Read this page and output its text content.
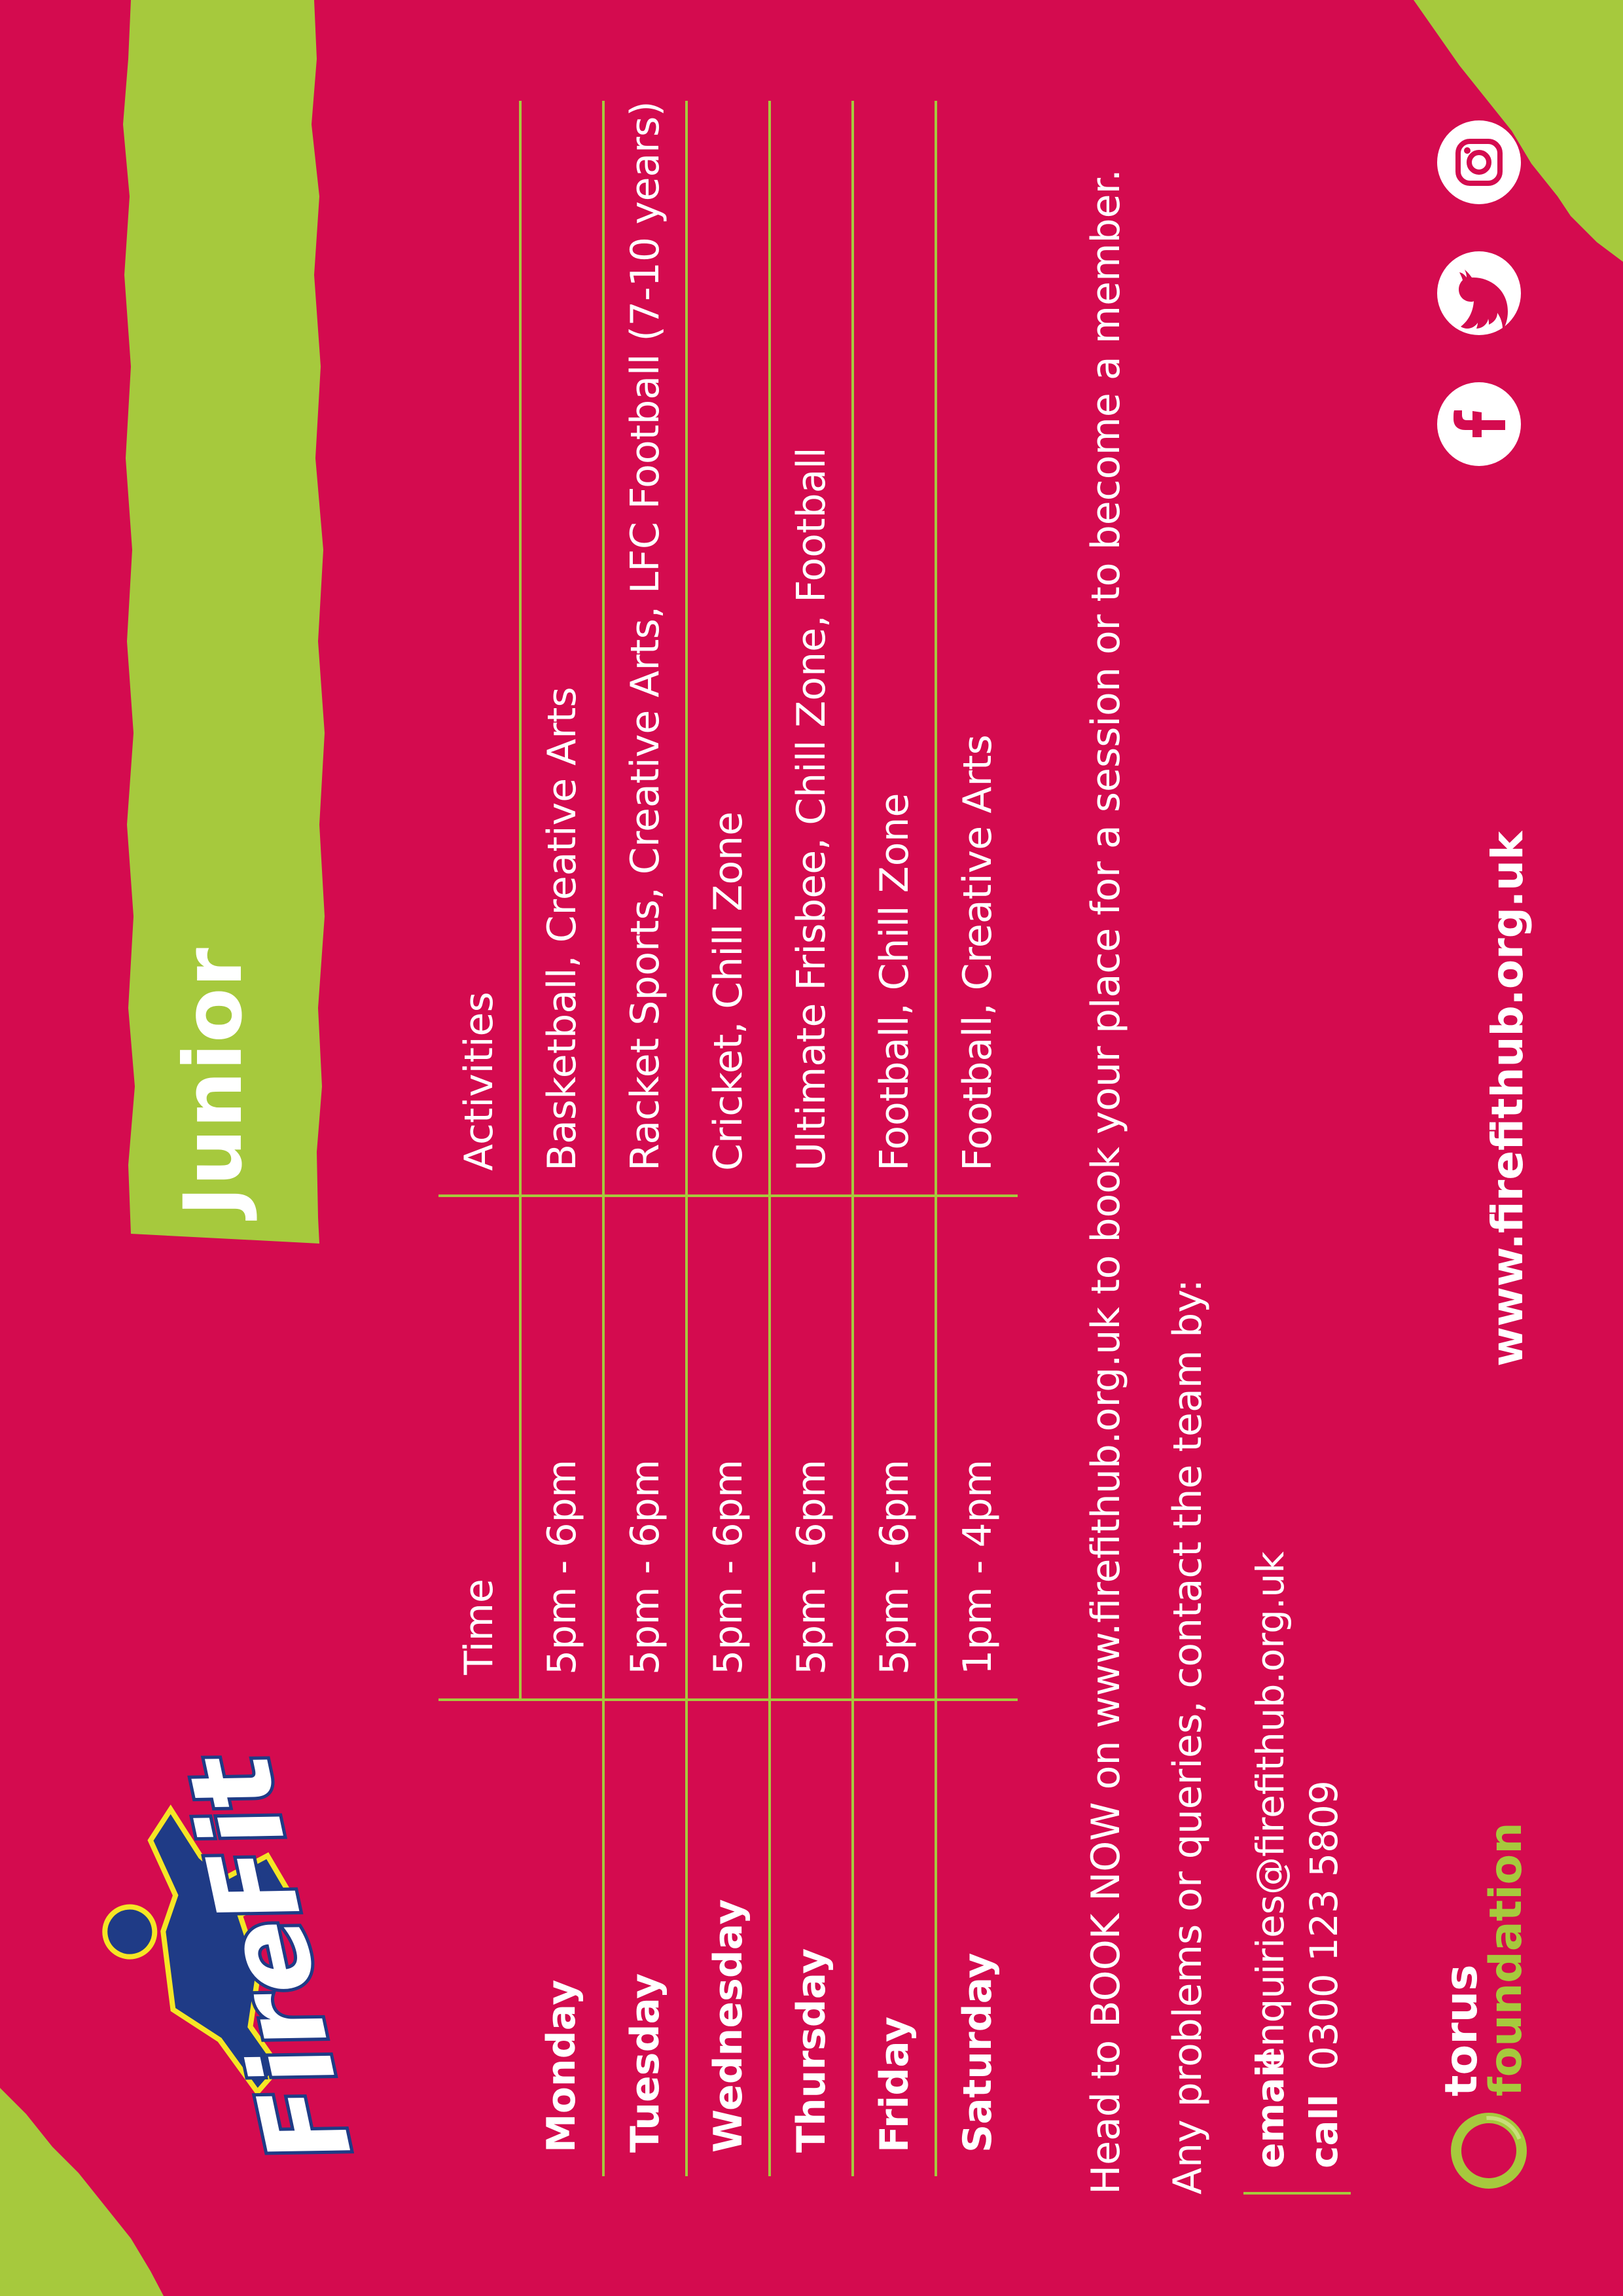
FireFit
Junior
	Time	Activities
Monday	5pm - 6pm	Basketball, Creative Arts
Tuesday	5pm - 6pm	Racket Sports, Creative Arts, LFC Football (7-10 years)
Wednesday	5pm - 6pm	Cricket, Chill Zone
Thursday	5pm - 6pm	Ultimate Frisbee, Chill Zone, Football
Friday	5pm - 6pm	Football, Chill Zone
Saturday	1pm - 4pm	Football, Creative Arts Head to BOOK NOW on www.firefithub.org.uk to book your place for a session or to become a member. Any problems or queries, contact the team by: email
enquiries@firefithub.org.uk
call
0300 123 5809 torus
foundation
www.firefithub.org.uk
